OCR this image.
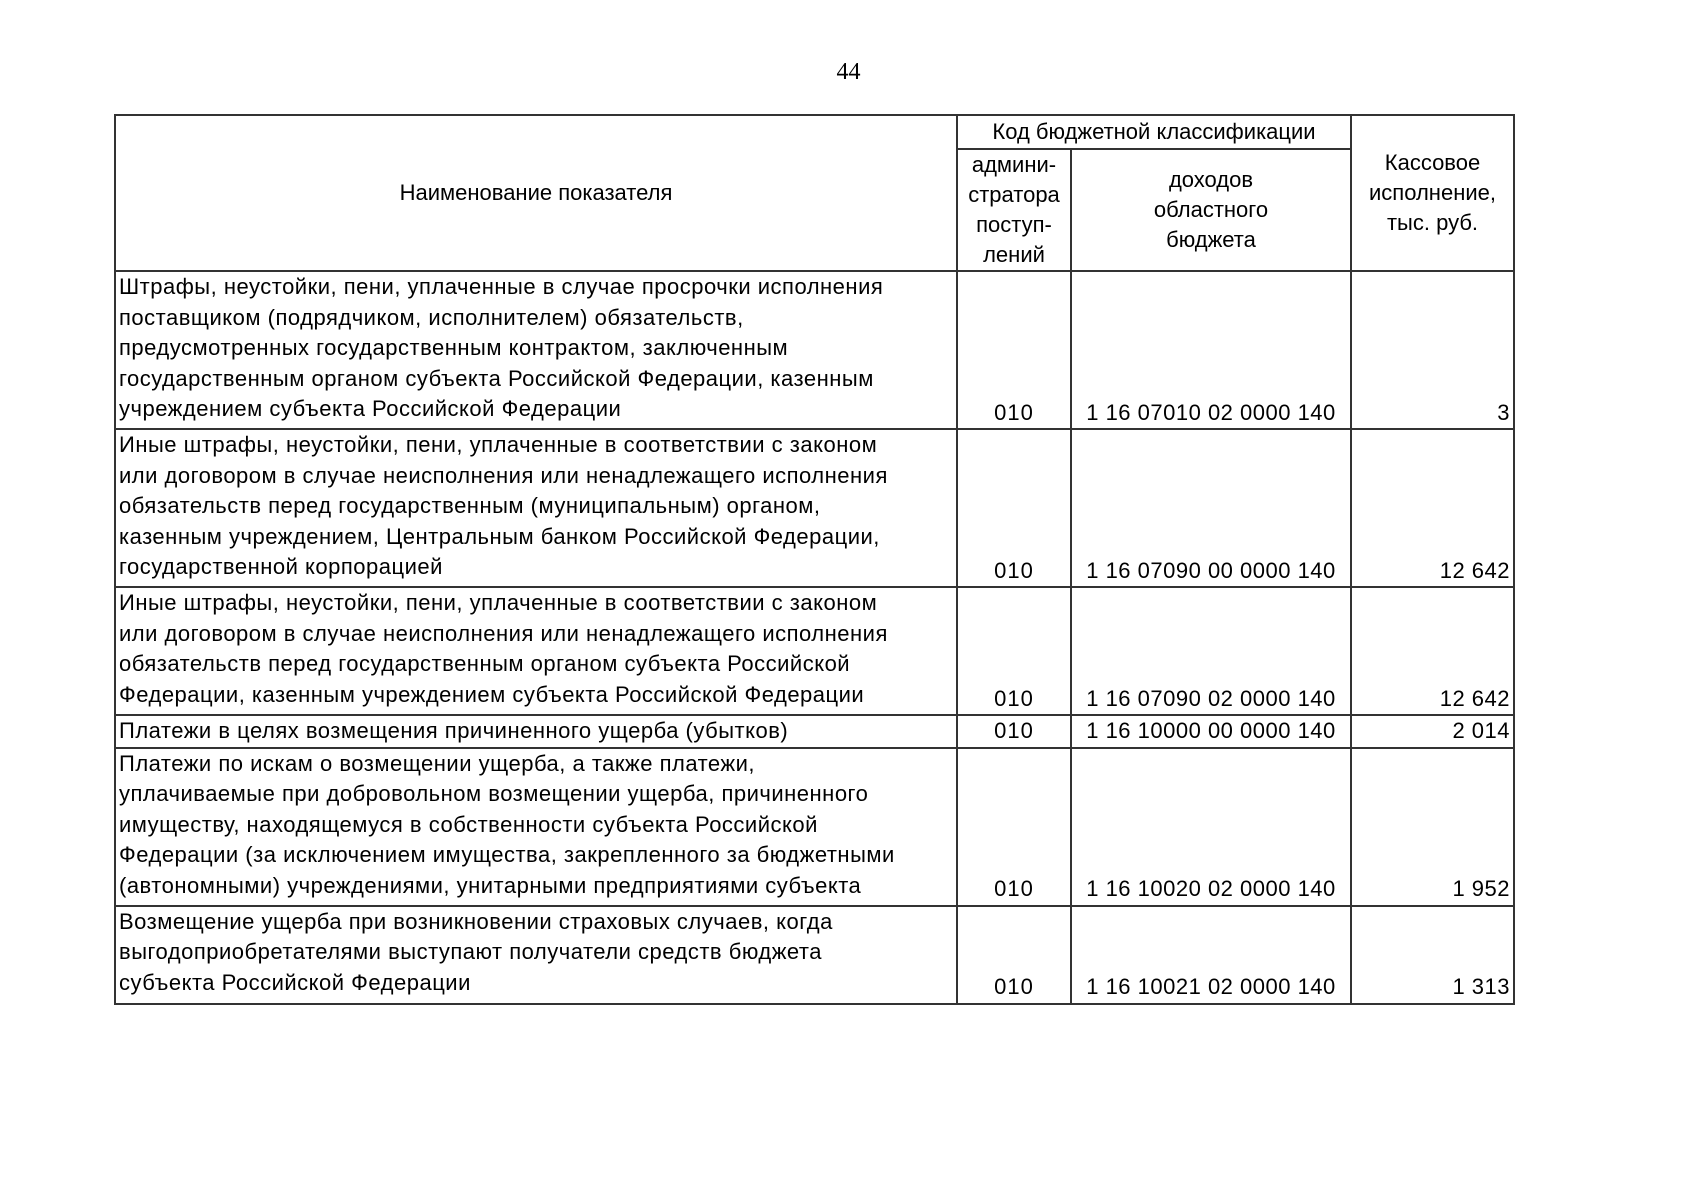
44
Наименование показателя	Код бюджетной классификации		Кассовое
исполнение,
тыс. руб.

	админи-
стратора
поступ-
лений	доходов
областного
бюджета	

Штрафы, неустойки, пени, уплаченные в случае просрочки исполнения
поставщиком (подрядчиком, исполнителем) обязательств,
предусмотренных государственным контрактом, заключенным
государственным органом субъекта Российской Федерации, казенным
учреждением субъекта Российской Федерации	010	1 16 07010 02 0000 140	3

Иные штрафы, неустойки, пени, уплаченные в соответствии с законом
или договором в случае неисполнения или ненадлежащего исполнения
обязательств перед государственным (муниципальным) органом,
казенным учреждением, Центральным банком Российской Федерации,
государственной корпорацией	010	1 16 07090 00 0000 140	12 642

Иные штрафы, неустойки, пени, уплаченные в соответствии с законом
или договором в случае неисполнения или ненадлежащего исполнения
обязательств перед государственным органом субъекта Российской
Федерации, казенным учреждением субъекта Российской Федерации	010	1 16 07090 02 0000 140	12 642

Платежи в целях возмещения причиненного ущерба (убытков)	010	1 16 10000 00 0000 140	2 014

Платежи по искам о возмещении ущерба, а также платежи,
уплачиваемые при добровольном возмещении ущерба, причиненного
имуществу, находящемуся в собственности субъекта Российской
Федерации (за исключением имущества, закрепленного за бюджетными
(автономными) учреждениями, унитарными предприятиями субъекта	010	1 16 10020 02 0000 140	1 952

Возмещение ущерба при возникновении страховых случаев, когда
выгодоприобретателями выступают получатели средств бюджета
субъекта Российской Федерации	010	1 16 10021 02 0000 140	1 313
